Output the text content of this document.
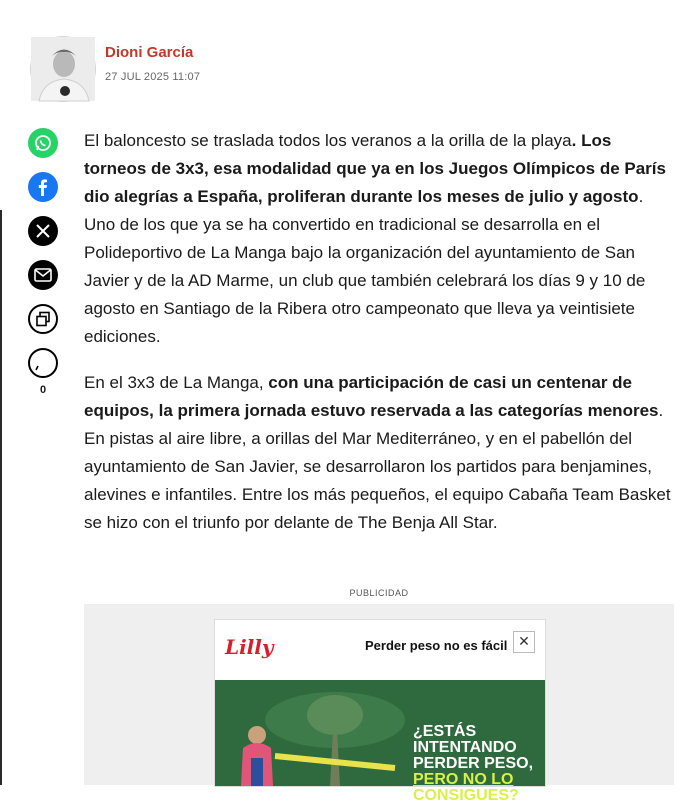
Dioni García
27 JUL 2025 11:07
0

El baloncesto se traslada todos los veranos a la orilla de la playa. Los torneos de 3x3, esa modalidad que ya en los Juegos Olímpicos de París dio alegrías a España, proliferan durante los meses de julio y agosto. Uno de los que ya se ha convertido en tradicional se desarrolla en el Polideportivo de La Manga bajo la organización del ayuntamiento de San Javier y de la AD Marme, un club que también celebrará los días 9 y 10 de agosto en Santiago de la Ribera otro campeonato que lleva ya veintisiete ediciones.

En el 3x3 de La Manga, con una participación de casi un centenar de equipos, la primera jornada estuvo reservada a las categorías menores. En pistas al aire libre, a orillas del Mar Mediterráneo, y en el pabellón del ayuntamiento de San Javier, se desarrollaron los partidos para benjamines, alevines e infantiles. Entre los más pequeños, el equipo Cabaña Team Basket se hizo con el triunfo por delante de The Benja All Star.

PUBLICIDAD
Lilly	Perder peso no es fácil ✕
¿ESTÁS
INTENTANDO
PERDER PESO,
PERO NO LO
CONSIGUES?
